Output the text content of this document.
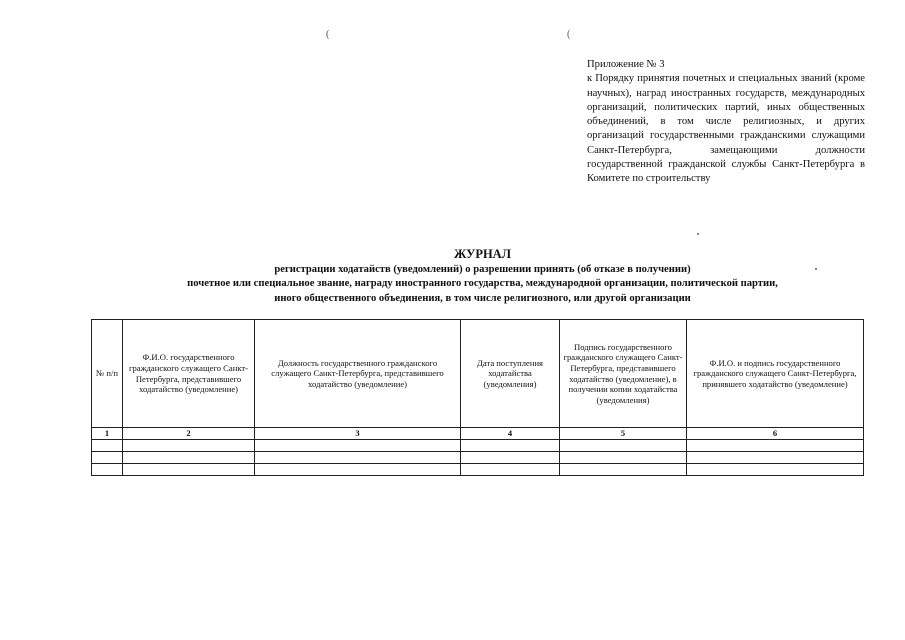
(	(
Приложение № 3
к Порядку принятия почетных и специальных званий (кроме научных), наград иностранных государств, международных организаций, политических партий, иных общественных объединений, в том числе религиозных, и других организаций государственными гражданскими служащими Санкт-Петербурга, замещающими должности государственной гражданской службы Санкт-Петербурга в Комитете по строительству
ЖУРНАЛ
регистрации ходатайств (уведомлений) о разрешении принять (об отказе в получении)
почетное или специальное звание, награду иностранного государства, международной организации, политической партии,
иного общественного объединения, в том числе религиозного, или другой организации
№ п/п	Ф.И.О. государственного гражданского служащего Санкт-Петербурга, представившего ходатайство (уведомление)	Должность государственного гражданского служащего Санкт-Петербурга, представившего ходатайство (уведомление)	Дата поступления ходатайства (уведомления)	Подпись государственного гражданского служащего Санкт-Петербурга, представившего ходатайство (уведомление), в получении копии ходатайства (уведомления)	Ф.И.О. и подпись государственного гражданского служащего Санкт-Петербурга, принявшего ходатайство (уведомление)
1	2	3	4	5	6
